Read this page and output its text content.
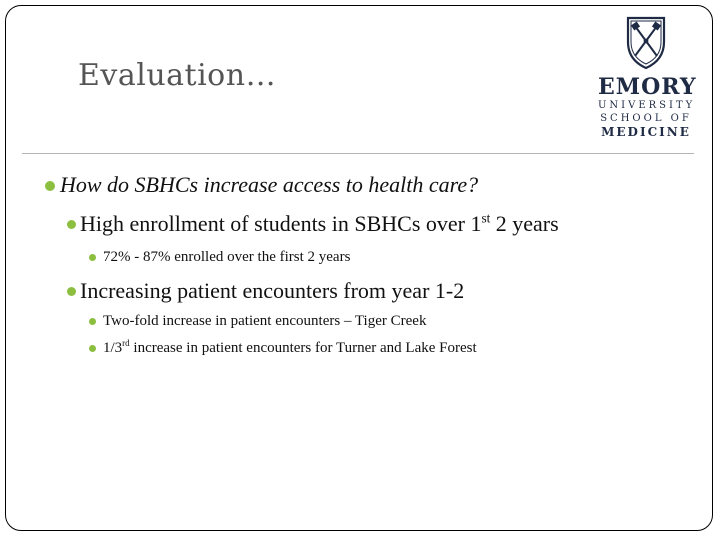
Evaluation…	EMORY
UNIVERSITY
SCHOOL OF
MEDICINE
How do SBHCs increase access to health care?
High enrollment of students in SBHCs over 1st 2 years
72% - 87% enrolled over the first 2 years
Increasing patient encounters from year 1-2
Two-fold increase in patient encounters – Tiger Creek
1/3rd increase in patient encounters for Turner and Lake Forest
